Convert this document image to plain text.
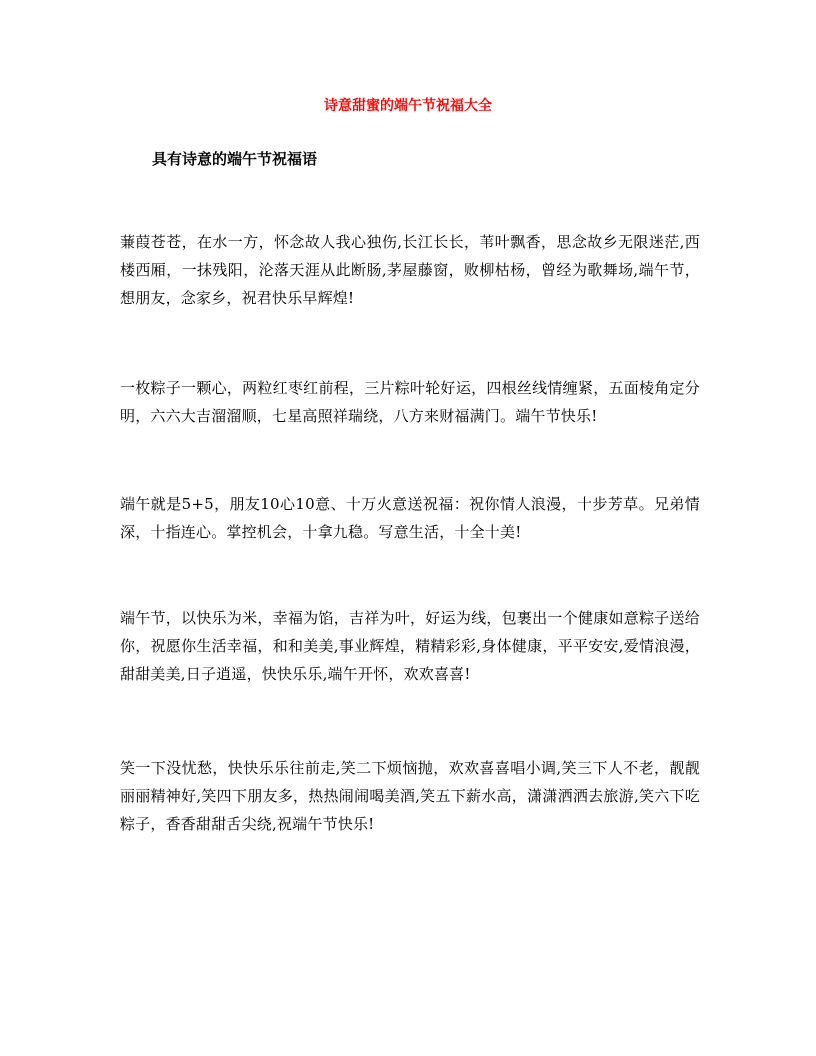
诗意甜蜜的端午节祝福大全
具有诗意的端午节祝福语
蒹葭苍苍，在水一方，怀念故人我心独伤,长江长长，苇叶飘香，思念故乡无限迷茫,西楼西厢，一抹残阳，沦落天涯从此断肠,茅屋藤窗，败柳枯杨，曾经为歌舞场,端午节，想朋友，念家乡，祝君快乐早辉煌!
一枚粽子一颗心，两粒红枣红前程，三片粽叶轮好运，四根丝线情缠紧，五面棱角定分明，六六大吉溜溜顺，七星高照祥瑞绕，八方来财福满门。端午节快乐!
端午就是5+5，朋友10心10意、十万火意送祝福：祝你情人浪漫，十步芳草。兄弟情深，十指连心。掌控机会，十拿九稳。写意生活，十全十美!
端午节，以快乐为米，幸福为馅，吉祥为叶，好运为线，包裹出一个健康如意粽子送给你，祝愿你生活幸福，和和美美,事业辉煌，精精彩彩,身体健康，平平安安,爱情浪漫，甜甜美美,日子逍遥，快快乐乐,端午开怀，欢欢喜喜!
笑一下没忧愁，快快乐乐往前走,笑二下烦恼抛，欢欢喜喜唱小调,笑三下人不老，靓靓丽丽精神好,笑四下朋友多，热热闹闹喝美酒,笑五下薪水高，潇潇洒洒去旅游,笑六下吃粽子，香香甜甜舌尖绕,祝端午节快乐!
